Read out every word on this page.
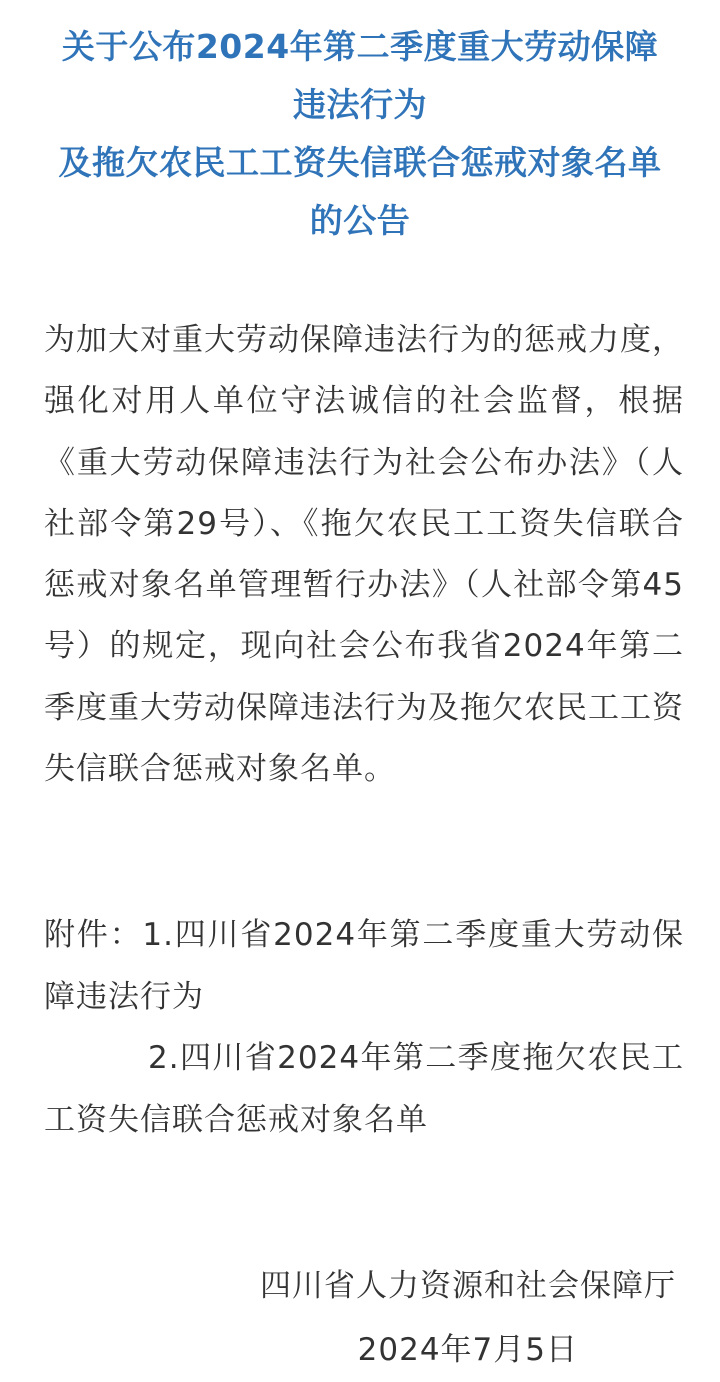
关于公布2024年第二季度重大劳动保障
违法行为
及拖欠农民工工资失信联合惩戒对象名单
的公告
为加大对重大劳动保障违法行为的惩戒力度，强化对用人单位守法诚信的社会监督，根据《重大劳动保障违法行为社会公布办法》（人社部令第29号）、《拖欠农民工工资失信联合惩戒对象名单管理暂行办法》（人社部令第45号）的规定，现向社会公布我省2024年第二季度重大劳动保障违法行为及拖欠农民工工资失信联合惩戒对象名单。
附件：1.四川省2024年第二季度重大劳动保障违法行为
2.四川省2024年第二季度拖欠农民工工资失信联合惩戒对象名单
四川省人力资源和社会保障厅
2024年7月5日
